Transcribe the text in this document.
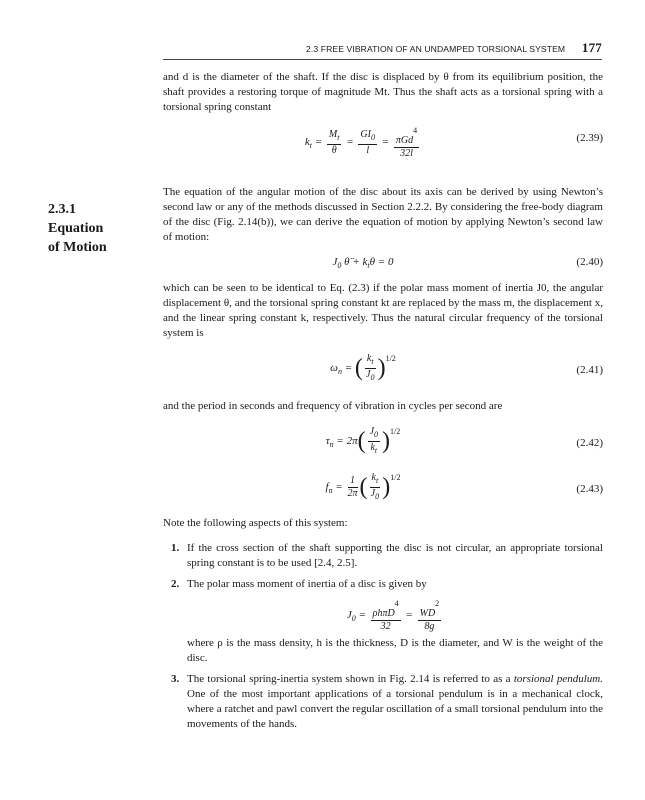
2.3 FREE VIBRATION OF AN UNDAMPED TORSIONAL SYSTEM 177
2.3.1
Equation
of Motion

and d is the diameter of the shaft. If the disc is displaced by θ from its equilibrium position, the shaft provides a restoring torque of magnitude Mt. Thus the shaft acts as a torsional spring with a torsional spring constant

$k_t = \frac{M_t}{\theta} = \frac{GI_0}{l} = \frac{\pi Gd^4}{32l}$	(2.39)

The equation of the angular motion of the disc about its axis can be derived by using Newton’s second law or any of the methods discussed in Section 2.2.2. By considering the free-body diagram of the disc (Fig. 2.14(b)), we can derive the equation of motion by applying Newton’s second law of motion:

$J_0$ θ̈ + $k_t\theta = 0$	(2.40)

which can be seen to be identical to Eq. (2.3) if the polar mass moment of inertia J0, the angular displacement θ, and the torsional spring constant kt are replaced by the mass m, the displacement x, and the linear spring constant k, respectively. Thus the natural circular frequency of the torsional system is

$\omega_n$ = ( $\frac{k_t}{J_0} )^{1/2}$
(2.41)

and the period in seconds and frequency of vibration in cycles per second are

$\tau_n = 2\pi( \frac{J_0}{k_t} )^{1/2}$
(2.42)
$f_n = \frac{1}{2\pi}$ ( $\frac{k_t}{J_0} )^{1/2}$
(2.43)

Note the following aspects of this system:

1. If the cross section of the shaft supporting the disc is not circular, an appropriate torsional spring constant is to be used [2.4, 2.5].
2. The polar mass moment of inertia of a disc is given by
$J_0 = \frac{\rho h\pi D^4}{32} = \frac{WD^2}{8g}$
where ρ is the mass density, h is the thickness, D is the diameter, and W is the weight of the disc.
3. The torsional spring-inertia system shown in Fig. 2.14 is referred to as a torsional pendulum. One of the most important applications of a torsional pendulum is in a mechanical clock, where a ratchet and pawl convert the regular oscillation of a small torsional pendulum into the movements of the hands.
